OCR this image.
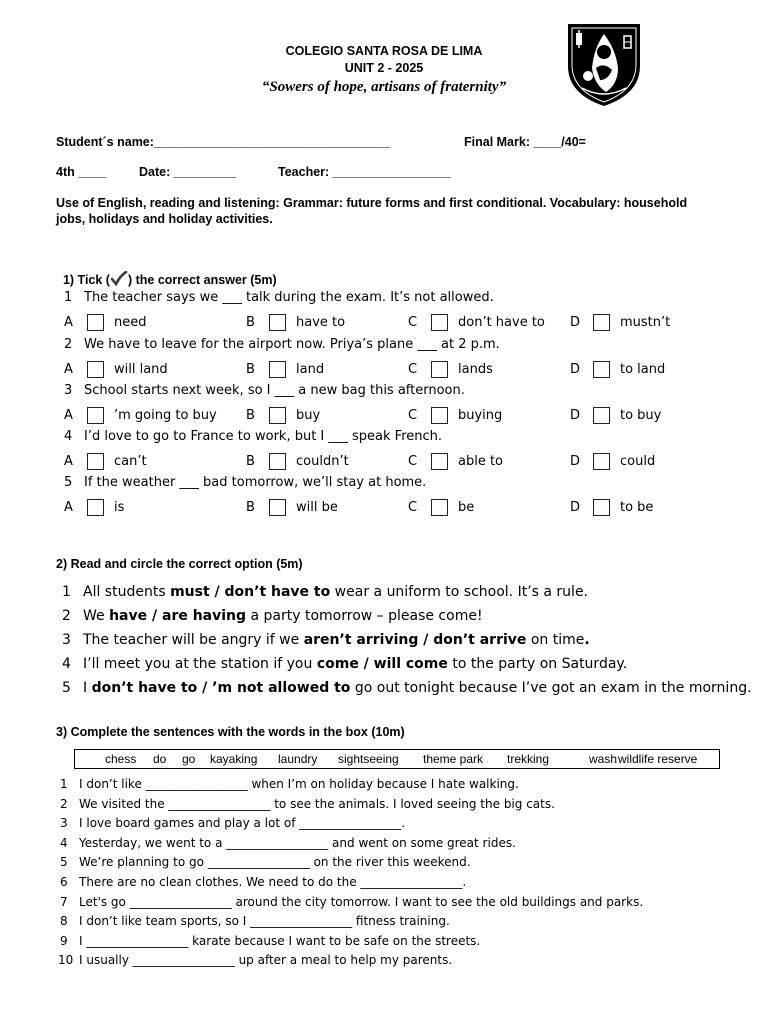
COLEGIO SANTA ROSA DE LIMA
UNIT 2 - 2025
“Sowers of hope, artisans of fraternity”
Student´s name:__________________________________	Final Mark: ____/40=
4th ____	Date: _________	Teacher: _________________
Use of English, reading and listening: Grammar: future forms and first conditional. Vocabulary: household jobs, holidays and holiday activities.

1) Tick ( ) the correct answer (5m)

1 The teacher says we ___ talk during the exam. It’s not allowed.
A	need	B	have to	C	don’t have to D	mustn’t
2 We have to leave for the airport now. Priya’s plane ___ at 2 p.m.
A	will land	B	land	C	lands	D	to land
3 School starts next week, so I ___ a new bag this afternoon.
A	’m going to buy B	buy	C	buying	D	to buy
4 I’d love to go to France to work, but I ___ speak French.
A	can’t	B	couldn’t	C	able to	D	could
5 If the weather ___ bad tomorrow, we’ll stay at home.
A	is	B	will be	C	be	D	to be
2) Read and circle the correct option (5m)
1 All students must / don’t have to wear a uniform to school. It’s a rule.
2 We have / are having a party tomorrow – please come!
3 The teacher will be angry if we aren’t arriving / don’t arrive on time.
4 I’ll meet you at the station if you come / will come to the party on Saturday.
5 I don’t have to / ’m not allowed to go out tonight because I’ve got an exam in the morning.
3) Complete the sentences with the words in the box (10m)
chess do go kayaking laundry sightseeing theme park trekking	wash wildlife reserve
1 I don’t like _________________ when I’m on holiday because I hate walking.
2 We visited the _________________ to see the animals. I loved seeing the big cats.
3 I love board games and play a lot of _________________.
4 Yesterday, we went to a _________________ and went on some great rides.
5 We’re planning to go _________________ on the river this weekend.
6 There are no clean clothes. We need to do the _________________.
7 Let's go _________________ around the city tomorrow. I want to see the old buildings and parks.
8 I don’t like team sports, so I _________________ fitness training.
9 I _________________ karate because I want to be safe on the streets.
10 I usually _________________ up after a meal to help my parents.
